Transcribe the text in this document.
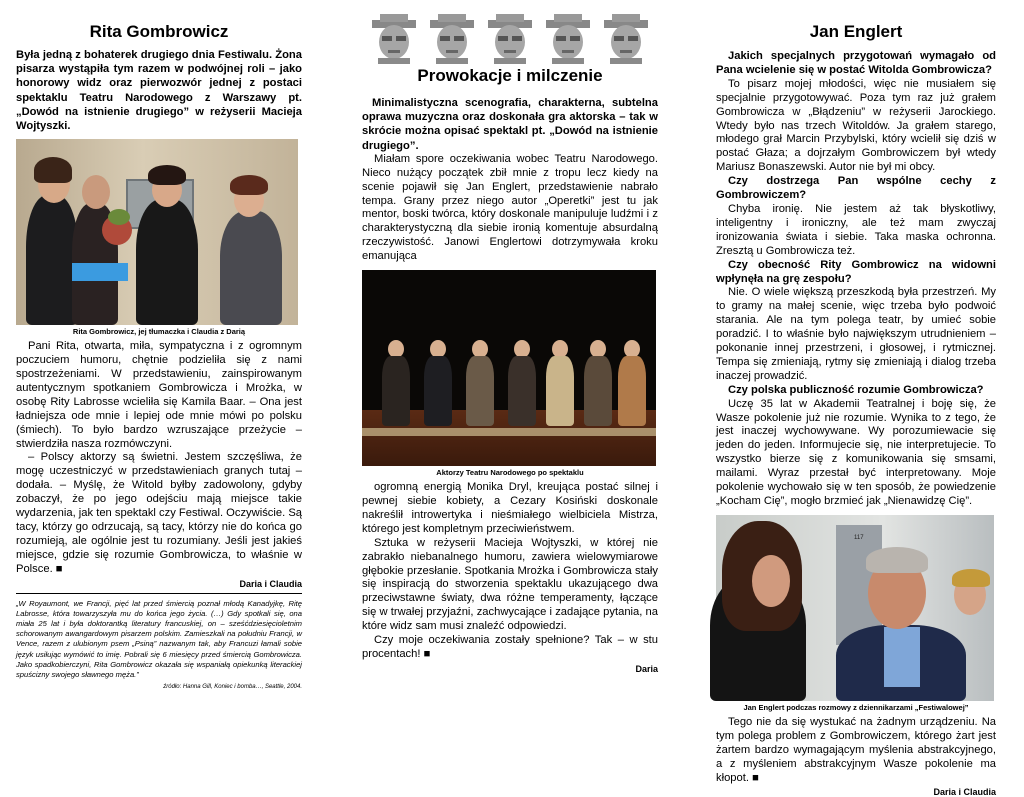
Rita Gombrowicz
Była jedną z bohaterek drugiego dnia Festiwalu. Żona pisarza wystąpiła tym razem w podwójnej roli – jako honorowy widz oraz pierwozwór jednej z postaci spektaklu Teatru Narodowego z Warszawy pt. „Dowód na istnienie drugiego” w reżyserii Macieja Wojtyszki.
Rita Gombrowicz, jej tłumaczka i Claudia z Darią

Pani Rita, otwarta, miła, sympatyczna i z ogromnym poczuciem humoru, chętnie podzieliła się z nami spostrzeżeniami. W przedstawieniu, zainspirowanym autentycznym spotkaniem Gombrowicza i Mrożka, w osobę Rity Labrosse wcieliła się Kamila Baar. – Ona jest ładniejsza ode mnie i lepiej ode mnie mówi po polsku (śmiech). To było bardzo wzruszające przeżycie – stwierdziła nasza rozmówczyni.

– Polscy aktorzy są świetni. Jestem szczęśliwa, że mogę uczestniczyć w przedstawieniach granych tutaj – dodała. – Myślę, że Witold byłby zadowolony, gdyby zobaczył, że po jego odejściu mają miejsce takie wydarzenia, jak ten spektakl czy Festiwal. Oczywiście. Są tacy, którzy go odrzucają, są tacy, którzy nie do końca go rozumieją, ale ogólnie jest tu rozumiany. Jeśli jest jakieś miejsce, gdzie się rozumie Gombrowicza, to właśnie w Polsce. ■

Daria i Claudia

„W Royaumont, we Francji, pięć lat przed śmiercią poznał młodą Kanadyjkę, Ritę Labrosse, która towarzyszyła mu do końca jego życia. (…) Gdy spotkali się, ona miała 25 lat i była doktorantką literatury francuskiej, on – sześćdziesięcioletnim schorowanym awangardowym pisarzem polskim. Zamieszkali na południu Francji, w Vence, razem z ulubionym psem „Psiną” nazwanym tak, aby Francuzi łamali sobie język usiłując wymówić to imię. Pobrali się 6 miesięcy przed śmiercią Gombrowicza. Jako spadkobierczyni, Rita Gombrowicz okazała się wspaniałą opiekunką literackiej spuścizny swojego sławnego męża.”

źródło: Hanna Gill, Koniec i bomba…, Seattle, 2004.
Prowokacje i milczenie
Minimalistyczna scenografia, charakterna, subtelna oprawa muzyczna oraz doskonała gra aktorska – tak w skrócie można opisać spektakl pt. „Dowód na istnienie drugiego”.

Miałam spore oczekiwania wobec Teatru Narodowego. Nieco nużący początek zbił mnie z tropu lecz kiedy na scenie pojawił się Jan Englert, przedstawienie nabrało tempa. Grany przez niego autor „Operetki” jest tu jak mentor, boski twórca, który doskonale manipuluje ludźmi i z charakterystyczną dla siebie ironią komentuje absurdalną rzeczywistość. Janowi Englertowi dotrzymywała kroku emanująca

Aktorzy Teatru Narodowego po spektaklu

ogromną energią Monika Dryl, kreująca postać silnej i pewnej siebie kobiety, a Cezary Kosiński doskonale nakreślił introwertyka i nieśmiałego wielbiciela Mistrza, którego jest kompletnym przeciwieństwem.

Sztuka w reżyserii Macieja Wojtyszki, w której nie zabrakło niebanalnego humoru, zawiera wielowymiarowe głębokie przesłanie. Spotkania Mrożka i Gombrowicza stały się inspiracją do stworzenia spektaklu ukazującego dwa przeciwstawne światy, dwa różne temperamenty, łączące się w trwałej przyjaźni, zachwycające i zadające pytania, na które widz sam musi znaleźć odpowiedzi.

Czy moje oczekiwania zostały spełnione? Tak – w stu procentach! ■

Daria
Jan Englert

Jakich specjalnych przygotowań wymagało od Pana wcielenie się w postać Witolda Gombrowicza?

To pisarz mojej młodości, więc nie musiałem się specjalnie przygotowywać. Poza tym raz już grałem Gombrowicza w „Błądzeniu” w reżyserii Jarockiego. Wtedy było nas trzech Witoldów. Ja grałem starego, młodego grał Marcin Przybylski, który wcielił się dziś w postać Głaza; a dojrzałym Gombrowiczem był wtedy Mariusz Bonaszewski. Autor nie był mi obcy.

Czy dostrzega Pan wspólne cechy z Gombrowiczem?

Chyba ironię. Nie jestem aż tak błyskotliwy, inteligentny i ironiczny, ale też mam zwyczaj ironizowania świata i siebie. Taka maska ochronna. Zresztą u Gombrowicza też.

Czy obecność Rity Gombrowicz na widowni wpłynęła na grę zespołu?

Nie. O wiele większą przeszkodą była przestrzeń. My to gramy na małej scenie, więc trzeba było podwoić starania. Ale na tym polega teatr, by umieć sobie poradzić. I to właśnie było największym utrudnieniem – pokonanie innej przestrzeni, i głosowej, i rytmicznej. Tempa się zmieniają, rytmy się zmieniają i dialog trzeba inaczej prowadzić.

Czy polska publiczność rozumie Gombrowicza?

Uczę 35 lat w Akademii Teatralnej i boję się, że Wasze pokolenie już nie rozumie. Wynika to z tego, że jest inaczej wychowywane. Wy porozumiewacie się jeden do jeden. Informujecie się, nie interpretujecie. To wszystko bierze się z komunikowania się smsami, mailami. Wyraz przestał być interpretowany. Moje pokolenie wychowało się w ten sposób, że powiedzenie „Kocham Cię”, mogło brzmieć jak „Nienawidzę Cię”.

117
Jan Englert podczas rozmowy z dziennikarzami „Festiwalowej”

Tego nie da się wystukać na żadnym urządzeniu. Na tym polega problem z Gombrowiczem, którego żart jest żartem bardzo wymagającym myślenia abstrakcyjnego, a z myśleniem abstrakcyjnym Wasze pokolenie ma kłopot. ■

Daria i Claudia
